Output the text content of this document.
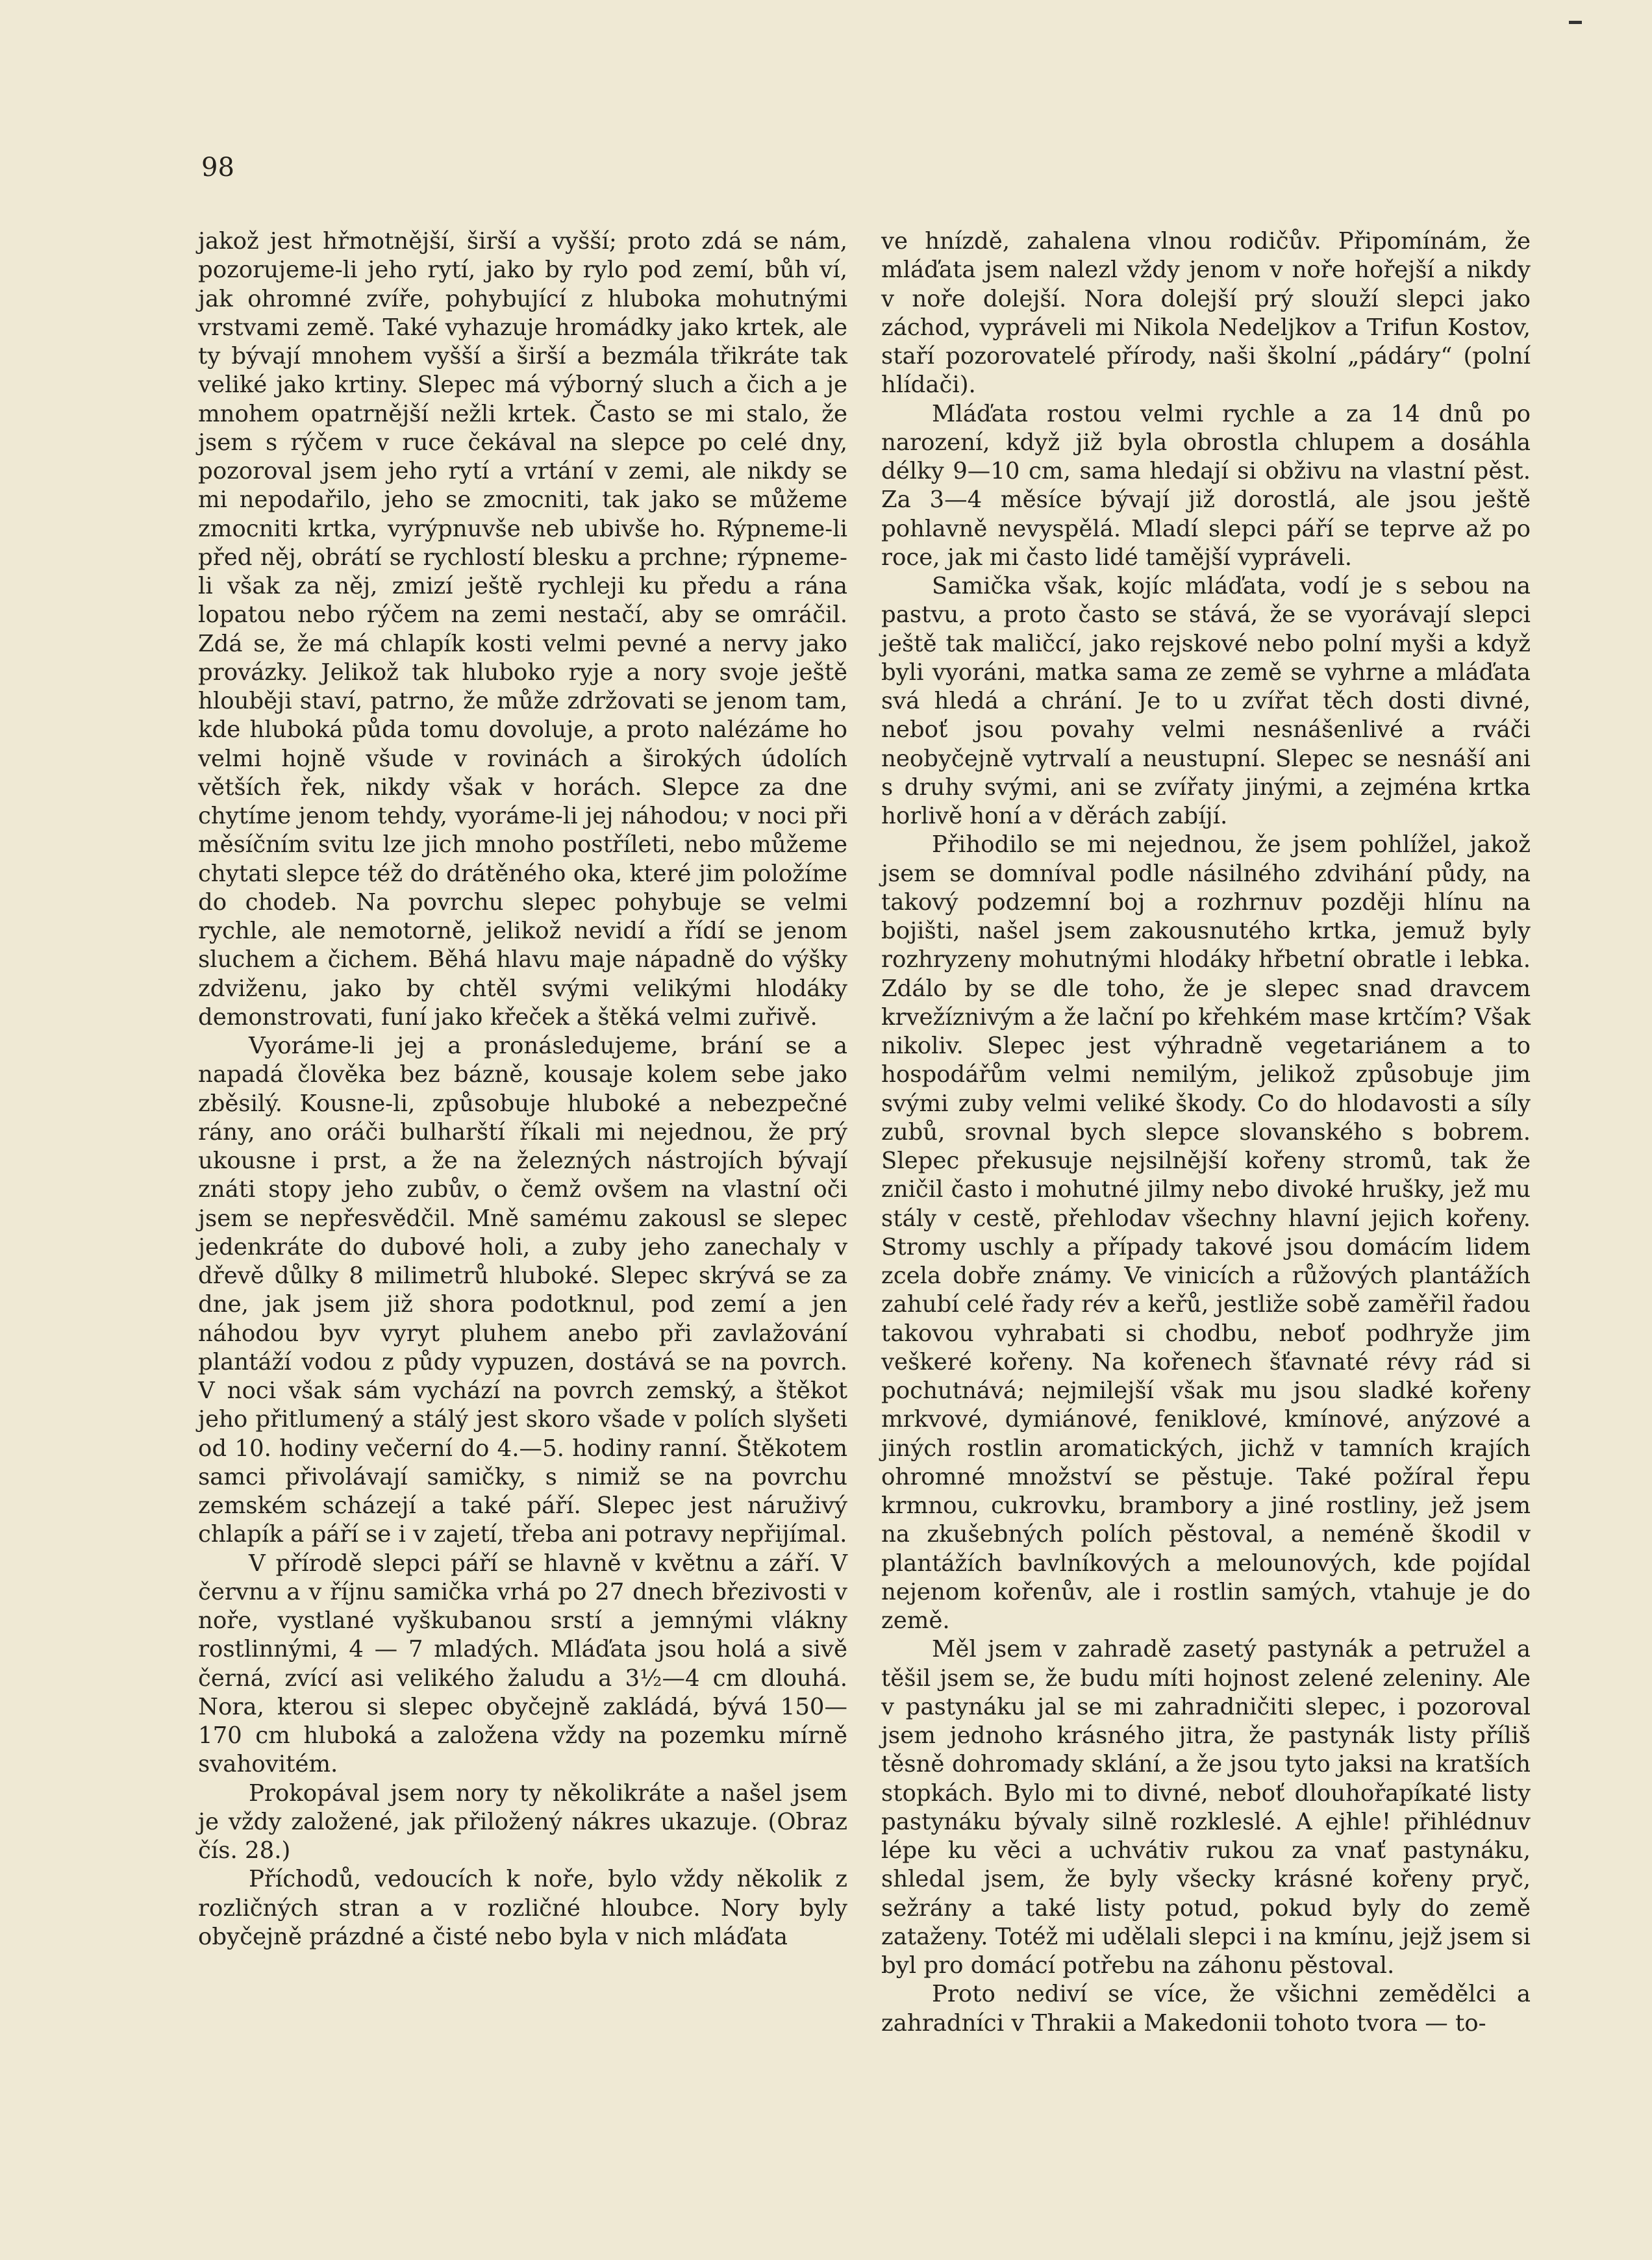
98

jakož jest hřmotnější, širší a vyšší; proto zdá se nám, pozorujeme-li jeho rytí, jako by rylo pod zemí, bůh ví, jak ohromné zvíře, pohybující z hluboka mohutnými vrstvami země. Také vyhazuje hromádky jako krtek, ale ty bývají mnohem vyšší a širší a bezmála třikráte tak veliké jako krtiny. Slepec má výborný sluch a čich a je mnohem opatrnější nežli krtek. Často se mi stalo, že jsem s rýčem v ruce čekával na slepce po celé dny, pozoroval jsem jeho rytí a vrtání v zemi, ale nikdy se mi nepodařilo, jeho se zmocniti, tak jako se můžeme zmocniti krtka, vyrýpnuvše neb ubivše ho. Rýpneme-li před něj, obrátí se rychlostí blesku a prchne; rýpneme-li však za něj, zmizí ještě rychleji ku předu a rána lopatou nebo rýčem na zemi nestačí, aby se omráčil. Zdá se, že má chlapík kosti velmi pevné a nervy jako provázky. Jelikož tak hluboko ryje a nory svoje ještě hlouběji staví, patrno, že může zdržovati se jenom tam, kde hluboká půda tomu dovoluje, a proto nalézáme ho velmi hojně všude v rovinách a širokých údolích větších řek, nikdy však v horách. Slepce za dne chytíme jenom tehdy, vyoráme-li jej náhodou; v noci při měsíčním svitu lze jich mnoho postříleti, nebo můžeme chytati slepce též do drátěného oka, které jim položíme do chodeb. Na povrchu slepec pohybuje se velmi rychle, ale nemotorně, jelikož nevidí a řídí se jenom sluchem a čichem. Běhá hlavu maje nápadně do výšky zdviženu, jako by chtěl svými velikými hlodáky demonstrovati, funí jako křeček a štěká velmi zuřivě.

Vyoráme-li jej a pronásledujeme, brání se a napadá člověka bez bázně, kousaje kolem sebe jako zběsilý. Kousne-li, způsobuje hluboké a nebezpečné rány, ano oráči bulharští říkali mi nejednou, že prý ukousne i prst, a že na železných nástrojích bývají znáti stopy jeho zubův, o čemž ovšem na vlastní oči jsem se nepřesvědčil. Mně samému zakousl se slepec jedenkráte do dubové holi, a zuby jeho zanechaly v dřevě důlky 8 milimetrů hluboké. Slepec skrývá se za dne, jak jsem již shora podotknul, pod zemí a jen náhodou byv vyryt pluhem anebo při zavlažování plantáží vodou z půdy vypuzen, dostává se na povrch. V noci však sám vychází na povrch zemský, a štěkot jeho přitlumený a stálý jest skoro všade v polích slyšeti od 10. hodiny večerní do 4.—5. hodiny ranní. Štěkotem samci přivolávají samičky, s nimiž se na povrchu zemském scházejí a také páří. Slepec jest náruživý chlapík a páří se i v zajetí, třeba ani potravy nepřijímal.

V přírodě slepci páří se hlavně v květnu a září. V červnu a v říjnu samička vrhá po 27 dnech březivosti v noře, vystlané vyškubanou srstí a jemnými vlákny rostlinnými, 4 — 7 mladých. Mláďata jsou holá a sivě černá, zvící asi velikého žaludu a 3½—4 cm dlouhá. Nora, kterou si slepec obyčejně zakládá, bývá 150—170 cm hluboká a založena vždy na pozemku mírně svahovitém.

Prokopával jsem nory ty několikráte a našel jsem je vždy založené, jak přiložený nákres ukazuje. (Obraz čís. 28.)

Příchodů, vedoucích k noře, bylo vždy několik z rozličných stran a v rozličné hloubce. Nory byly obyčejně prázdné a čisté nebo byla v nich mláďata

ve hnízdě, zahalena vlnou rodičův. Připomínám, že mláďata jsem nalezl vždy jenom v noře hořejší a nikdy v noře dolejší. Nora dolejší prý slouží slepci jako záchod, vypráveli mi Nikola Nedeljkov a Trifun Kostov, staří pozorovatelé přírody, naši školní „pádáry“ (polní hlídači).

Mláďata rostou velmi rychle a za 14 dnů po narození, když již byla obrostla chlupem a dosáhla délky 9—10 cm, sama hledají si obživu na vlastní pěst. Za 3—4 měsíce bývají již dorostlá, ale jsou ještě pohlavně nevyspělá. Mladí slepci páří se teprve až po roce, jak mi často lidé tamější vypráveli.

Samička však, kojíc mláďata, vodí je s sebou na pastvu, a proto často se stává, že se vyorávají slepci ještě tak maličcí, jako rejskové nebo polní myši a když byli vyoráni, matka sama ze země se vyhrne a mláďata svá hledá a chrání. Je to u zvířat těch dosti divné, neboť jsou povahy velmi nesnášenlivé a rváči neobyčejně vytrvalí a neustupní. Slepec se nesnáší ani s druhy svými, ani se zvířaty jinými, a zejména krtka horlivě honí a v děrách zabíjí.

Přihodilo se mi nejednou, že jsem pohlížel, jakož jsem se domníval podle násilného zdvihání půdy, na takový podzemní boj a rozhrnuv později hlínu na bojišti, našel jsem zakousnutého krtka, jemuž byly rozhryzeny mohutnými hlodáky hřbetní obratle i lebka. Zdálo by se dle toho, že je slepec snad dravcem krvežíznivým a že lační po křehkém mase krtčím? Však nikoliv. Slepec jest výhradně vegetariánem a to hospodářům velmi nemilým, jelikož způsobuje jim svými zuby velmi veliké škody. Co do hlodavosti a síly zubů, srovnal bych slepce slovanského s bobrem. Slepec překusuje nejsilnější kořeny stromů, tak že zničil často i mohutné jilmy nebo divoké hrušky, jež mu stály v cestě, přehlodav všechny hlavní jejich kořeny. Stromy uschly a případy takové jsou domácím lidem zcela dobře známy. Ve vinicích a růžových plantážích zahubí celé řady rév a keřů, jestliže sobě zaměřil řadou takovou vyhrabati si chodbu, neboť podhryže jim veškeré kořeny. Na kořenech šťavnaté révy rád si pochutnává; nejmilejší však mu jsou sladké kořeny mrkvové, dymiánové, feniklové, kmínové, anýzové a jiných rostlin aromatických, jichž v tamních krajích ohromné množství se pěstuje. Také požíral řepu krmnou, cukrovku, brambory a jiné rostliny, jež jsem na zkušebných polích pěstoval, a neméně škodil v plantážích bavlníkových a melounových, kde pojídal nejenom kořenův, ale i rostlin samých, vtahuje je do země.

Měl jsem v zahradě zasetý pastynák a petružel a těšil jsem se, že budu míti hojnost zelené zeleniny. Ale v pastynáku jal se mi zahradničiti slepec, i pozoroval jsem jednoho krásného jitra, že pastynák listy příliš těsně dohromady sklání, a že jsou tyto jaksi na kratších stopkách. Bylo mi to divné, neboť dlouhořapíkaté listy pastynáku bývaly silně rozkleslé. A ejhle! přihlédnuv lépe ku věci a uchvátiv rukou za vnať pastynáku, shledal jsem, že byly všecky krásné kořeny pryč, sežrány a také listy potud, pokud byly do země zataženy. Totéž mi udělali slepci i na kmínu, jejž jsem si byl pro domácí potřebu na záhonu pěstoval.

Proto nediví se více, že všichni zemědělci a zahradníci v Thrakii a Makedonii tohoto tvora — to-
